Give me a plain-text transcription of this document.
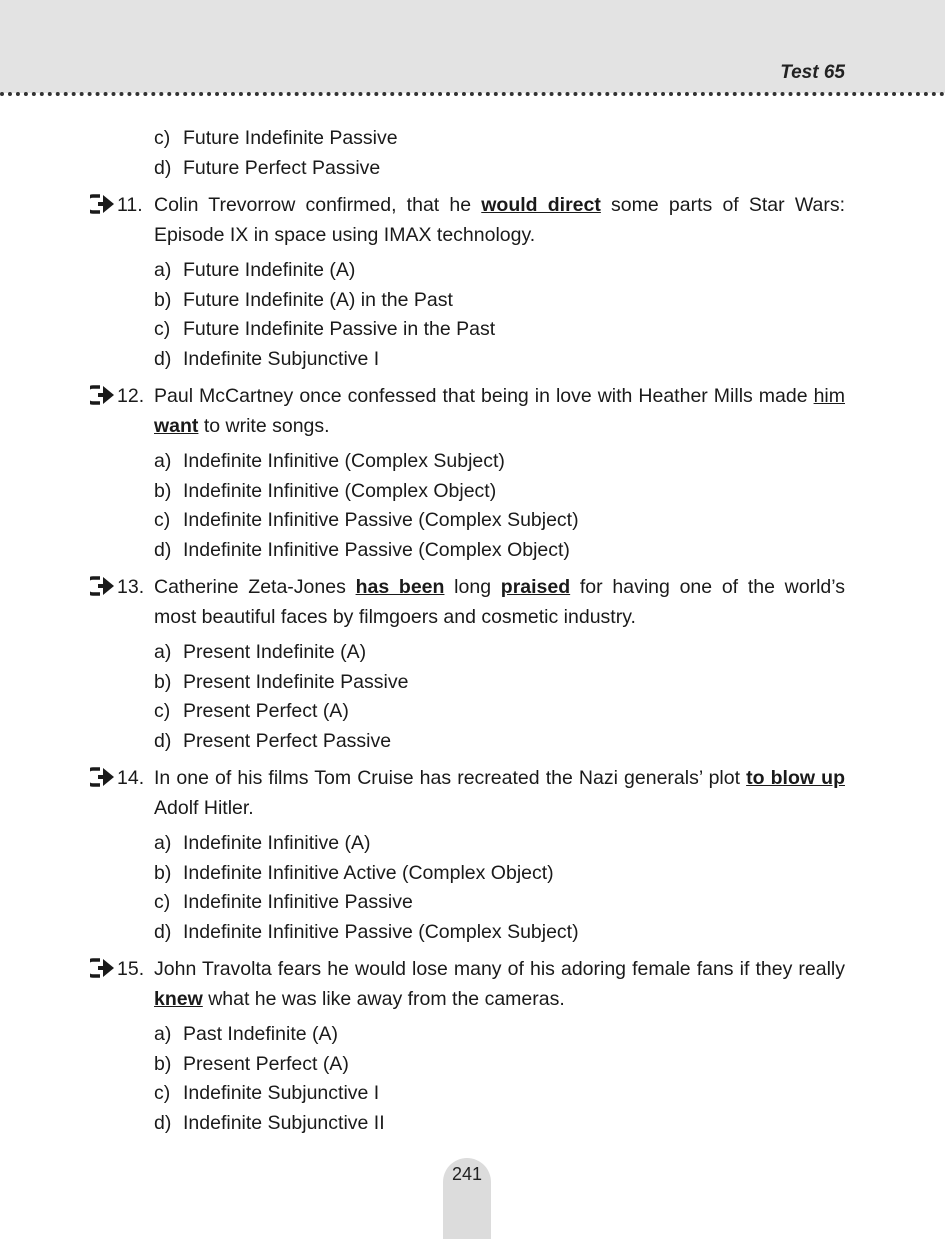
Test 65
c) Future Indefinite Passive
d) Future Perfect Passive
11. Colin Trevorrow confirmed, that he would direct some parts of Star Wars: Episode IX in space using IMAX technology.
a) Future Indefinite (A)
b) Future Indefinite (A) in the Past
c) Future Indefinite Passive in the Past
d) Indefinite Subjunctive I
12. Paul McCartney once confessed that being in love with Heather Mills made him want to write songs.
a) Indefinite Infinitive (Complex Subject)
b) Indefinite Infinitive (Complex Object)
c) Indefinite Infinitive Passive (Complex Subject)
d) Indefinite Infinitive Passive (Complex Object)
13. Catherine Zeta-Jones has been long praised for having one of the world’s most beautiful faces by filmgoers and cosmetic industry.
a) Present Indefinite (A)
b) Present Indefinite Passive
c) Present Perfect (A)
d) Present Perfect Passive
14. In one of his films Tom Cruise has recreated the Nazi generals’ plot to blow up Adolf Hitler.
a) Indefinite Infinitive (A)
b) Indefinite Infinitive Active (Complex Object)
c) Indefinite Infinitive Passive
d) Indefinite Infinitive Passive (Complex Subject)
15. John Travolta fears he would lose many of his adoring female fans if they really knew what he was like away from the cameras.
a) Past Indefinite (A)
b) Present Perfect (A)
c) Indefinite Subjunctive I
d) Indefinite Subjunctive II
241
